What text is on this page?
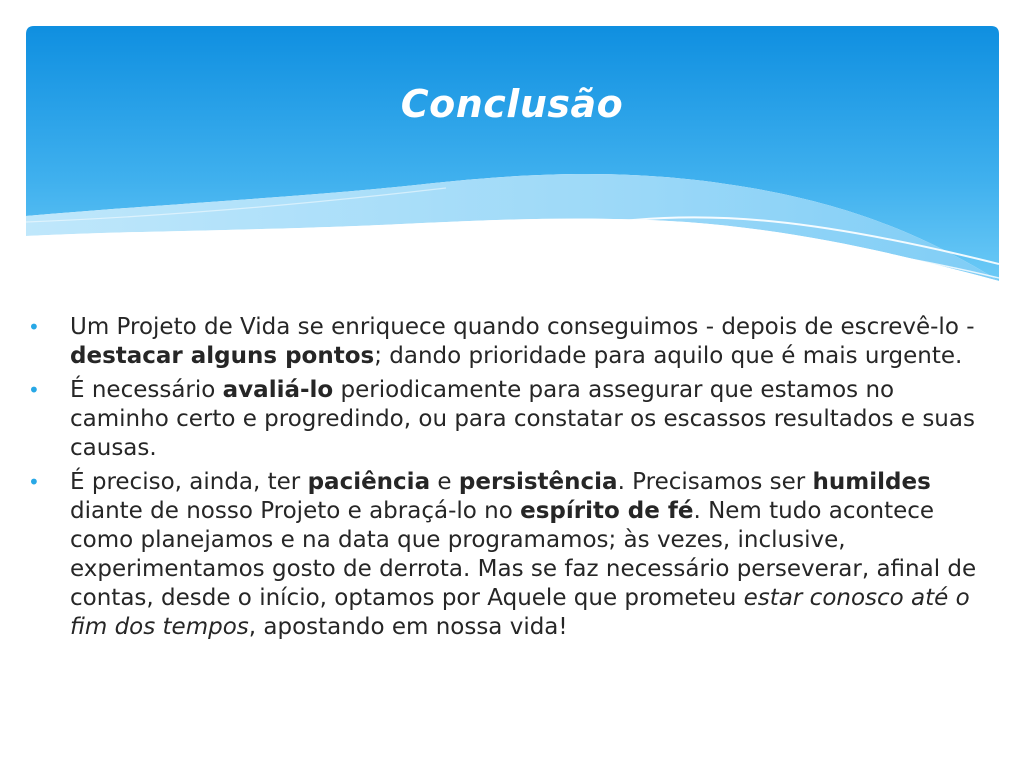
Conclusão
•	Um Projeto de Vida se enriquece quando conseguimos - depois de escrevê-lo - destacar alguns pontos; dando prioridade para aquilo que é mais urgente.
•	É necessário avaliá-lo periodicamente para assegurar que estamos no caminho certo e progredindo, ou para constatar os escassos resultados e suas causas.
•	É preciso, ainda, ter paciência e persistência. Precisamos ser humildes diante de nosso Projeto e abraçá-lo no espírito de fé. Nem tudo acontece como planejamos e na data que programamos; às vezes, inclusive, experimentamos gosto de derrota. Mas se faz necessário perseverar, afinal de contas, desde o início, optamos por Aquele que prometeu estar conosco até o fim dos tempos, apostando em nossa vida!
